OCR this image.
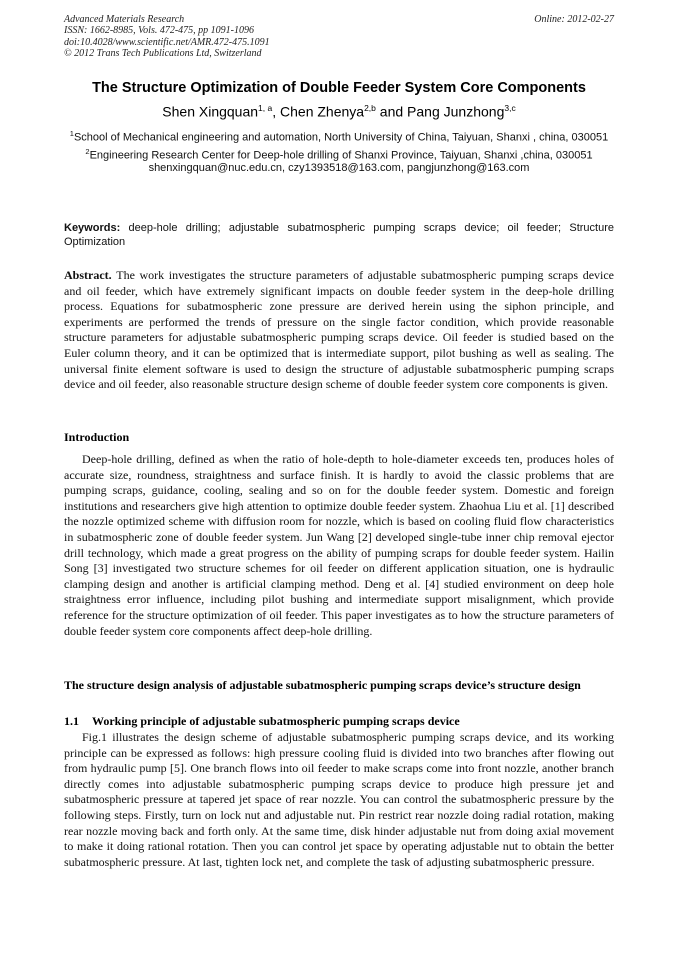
Advanced Materials Research
ISSN: 1662-8985, Vols. 472-475, pp 1091-1096
doi:10.4028/www.scientific.net/AMR.472-475.1091
© 2012 Trans Tech Publications Ltd, Switzerland
Online: 2012-02-27
The Structure Optimization of Double Feeder System Core Components
Shen Xingquan$^{1, a}$, Chen Zhenya$^{2,b}$ and Pang Junzhong$^{3,c}$

$^1$School of Mechanical engineering and automation, North University of China, Taiyuan, Shanxi , china, 030051

$^2$Engineering Research Center for Deep-hole drilling of Shanxi Province, Taiyuan, Shanxi ,china, 030051

shenxingquan@nuc.edu.cn, czy1393518@163.com, pangjunzhong@163.com

Keywords: deep-hole drilling; adjustable subatmospheric pumping scraps device; oil feeder; Structure Optimization
Abstract. The work investigates the structure parameters of adjustable subatmospheric pumping scraps device and oil feeder, which have extremely significant impacts on double feeder system in the deep-hole drilling process. Equations for subatmospheric zone pressure are derived herein using the siphon principle, and experiments are performed the trends of pressure on the single factor condition, which provide reasonable structure parameters for adjustable subatmospheric pumping scraps device. Oil feeder is studied based on the Euler column theory, and it can be optimized that is intermediate support, pilot bushing as well as sealing. The universal finite element software is used to design the structure of adjustable subatmospheric pumping scraps device and oil feeder, also reasonable structure design scheme of double feeder system core components is given.
Introduction
Deep-hole drilling, defined as when the ratio of hole-depth to hole-diameter exceeds ten, produces holes of accurate size, roundness, straightness and surface finish. It is hardly to avoid the classic problems that are pumping scraps, guidance, cooling, sealing and so on for the double feeder system. Domestic and foreign institutions and researchers give high attention to optimize double feeder system. Zhaohua Liu et al. [1] described the nozzle optimized scheme with diffusion room for nozzle, which is based on cooling fluid flow characteristics in subatmospheric zone of double feeder system. Jun Wang [2] developed single-tube inner chip removal ejector drill technology, which made a great progress on the ability of pumping scraps for double feeder system. Hailin Song [3] investigated two structure schemes for oil feeder on different application situation, one is hydraulic clamping design and another is artificial clamping method. Deng et al. [4] studied environment on deep hole straightness error influence, including pilot bushing and intermediate support misalignment, which provide reference for the structure optimization of oil feeder. This paper investigates as to how the structure parameters of double feeder system core components affect deep-hole drilling.
The structure design analysis of adjustable subatmospheric pumping scraps device’s structure design
1.1 Working principle of adjustable subatmospheric pumping scraps device
Fig.1 illustrates the design scheme of adjustable subatmospheric pumping scraps device, and its working principle can be expressed as follows: high pressure cooling fluid is divided into two branches after flowing out from hydraulic pump [5]. One branch flows into oil feeder to make scraps come into front nozzle, another branch directly comes into adjustable subatmospheric pumping scraps device to produce high pressure jet and subatmospheric pressure at tapered jet space of rear nozzle. You can control the subatmospheric pressure by the following steps. Firstly, turn on lock nut and adjustable nut. Pin restrict rear nozzle doing radial rotation, making rear nozzle moving back and forth only. At the same time, disk hinder adjustable nut from doing axial movement to make it doing rational rotation. Then you can control jet space by operating adjustable nut to obtain the better subatmospheric pressure. At last, tighten lock net, and complete the task of adjusting subatmospheric pressure.
